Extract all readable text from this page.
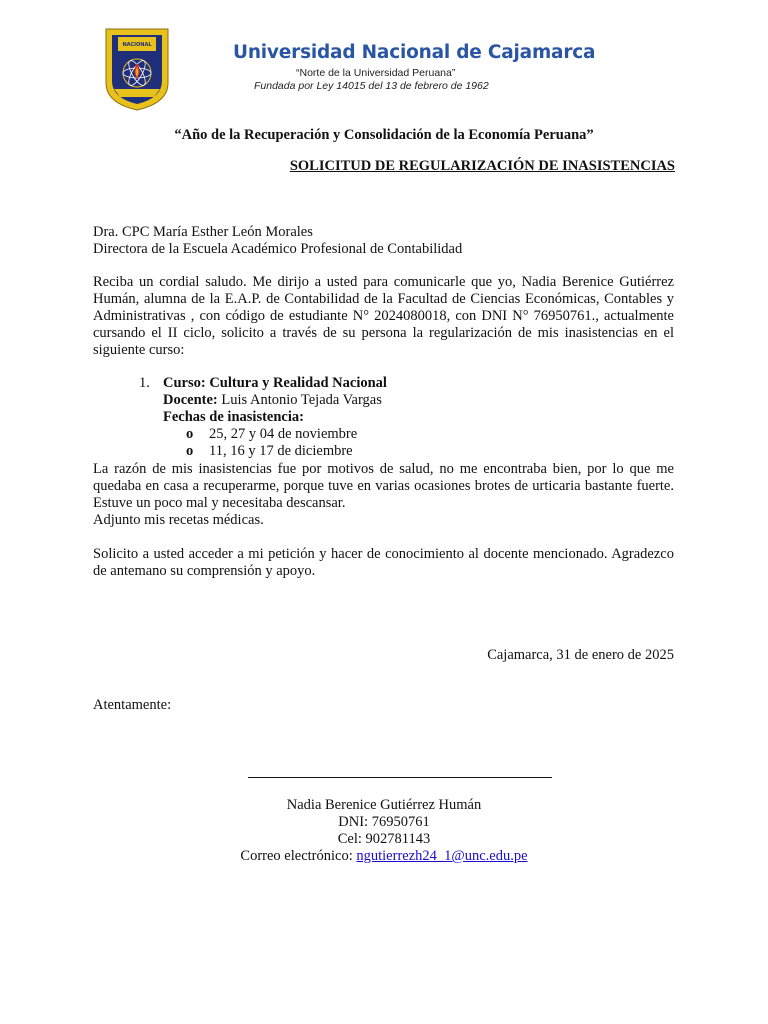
NACIONAL
UNIVERSIDAD	DE CAJAMARCA
Universidad Nacional de Cajamarca
“Norte de la Universidad Peruana”
Fundada por Ley 14015 del 13 de febrero de 1962
“Año de la Recuperación y Consolidación de la Economía Peruana”
SOLICITUD DE REGULARIZACIÓN DE INASISTENCIAS
Dra. CPC María Esther León Morales
Directora de la Escuela Académico Profesional de Contabilidad
Reciba un cordial saludo. Me dirijo a usted para comunicarle que yo, Nadia Berenice Gutiérrez Humán, alumna de la E.A.P. de Contabilidad de la Facultad de Ciencias Económicas, Contables y Administrativas , con código de estudiante N° 2024080018, con DNI N° 76950761., actualmente cursando el II ciclo, solicito a través de su persona la regularización de mis inasistencias en el siguiente curso:
1. Curso: Cultura y Realidad Nacional
Docente: Luis Antonio Tejada Vargas
Fechas de inasistencia:
o 25, 27 y 04 de noviembre
o 11, 16 y 17 de diciembre
La razón de mis inasistencias fue por motivos de salud, no me encontraba bien, por lo que me quedaba en casa a recuperarme, porque tuve en varias ocasiones brotes de urticaria bastante fuerte. Estuve un poco mal y necesitaba descansar.
Adjunto mis recetas médicas.
Solicito a usted acceder a mi petición y hacer de conocimiento al docente mencionado. Agradezco de antemano su comprensión y apoyo.
Cajamarca, 31 de enero de 2025
Atentamente:
Nadia Berenice Gutiérrez Humán
DNI: 76950761
Cel: 902781143
Correo electrónico: ngutierrezh24_1@unc.edu.pe
